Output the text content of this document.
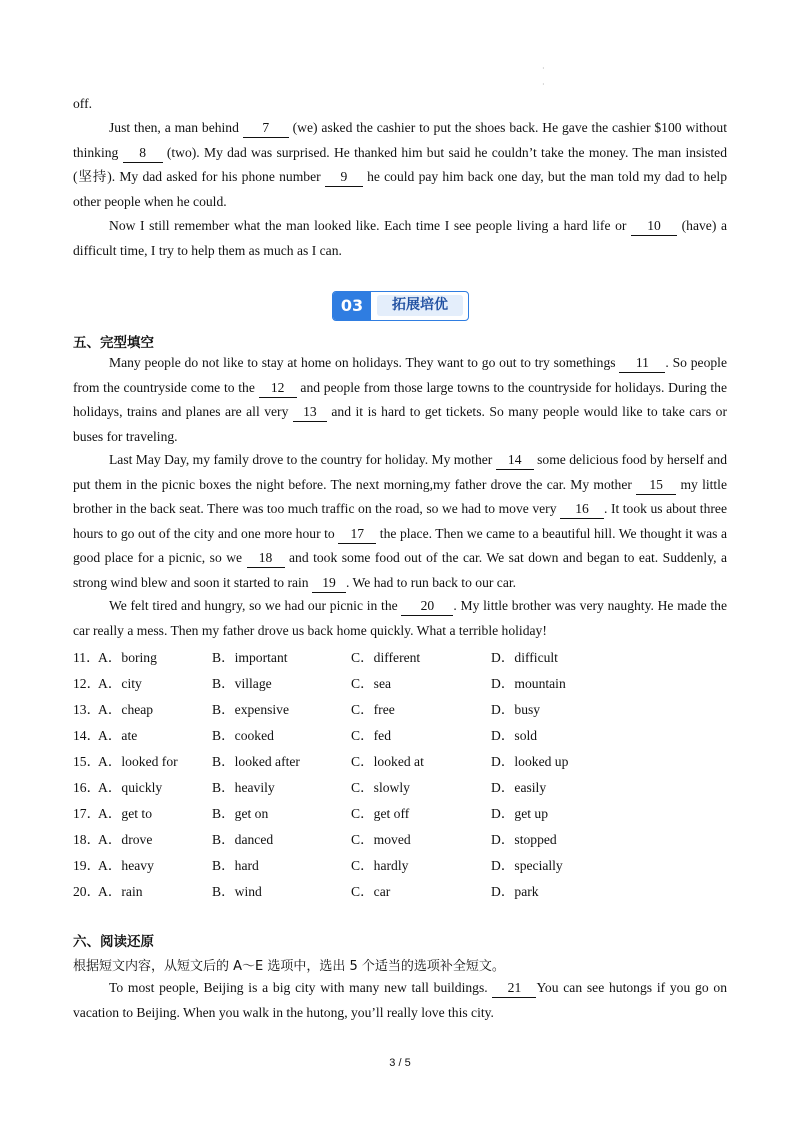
·
·

off.

Just then, a man behind 7 (we) asked the cashier to put the shoes back. He gave the cashier $100 without thinking 8 (two). My dad was surprised. He thanked him but said he couldn’t take the money. The man insisted (坚持). My dad asked for his phone number 9 he could pay him back one day, but the man told my dad to help other people when he could.

Now I still remember what the man looked like. Each time I see people living a hard life or 10 (have) a difficult time, I try to help them as much as I can.

03	拓展培优

五、完型填空

Many people do not like to stay at home on holidays. They want to go out to try somethings 11 . So people from the countryside come to the 12 and people from those large towns to the countryside for holidays. During the holidays, trains and planes are all very 13 and it is hard to get tickets. So many people would like to take cars or buses for traveling.

Last May Day, my family drove to the country for holiday. My mother 14 some delicious food by herself and put them in the picnic boxes the night before. The next morning,my father drove the car. My mother 15 my little brother in the back seat. There was too much traffic on the road, so we had to move very 16 . It took us about three hours to go out of the city and one more hour to 17 the place. Then we came to a beautiful hill. We thought it was a good place for a picnic, so we 18 and took some food out of the car. We sat down and began to eat. Suddenly, a strong wind blew and soon it started to rain 19 . We had to run back to our car.

We felt tired and hungry, so we had our picnic in the 20 . My little brother was very naughty. He made the car really a mess. Then my father drove us back home quickly. What a terrible holiday!

11．
A．boring	B．important	C．different	D．difficult
12．
A．city	B．village	C．sea	D．mountain
13．
A．cheap	B．expensive	C．free	D．busy
14．
A．ate	B．cooked	C．fed	D．sold
15．
A．looked for	B．looked after	C．looked at	D．looked up
16．
A．quickly	B．heavily	C．slowly	D．easily
17．
A．get to	B．get on	C．get off	D．get up
18．
A．drove	B．danced	C．moved	D．stopped
19．
A．heavy	B．hard	C．hardly	D．specially
20．
A．rain	B．wind	C．car	D．park

六、阅读还原

根据短文内容，从短文后的 A～E 选项中，选出 5 个适当的选项补全短文。

To most people, Beijing is a big city with many new tall buildings. 21 You can see hutongs if you go on vacation to Beijing. When you walk in the hutong, you’ll really love this city.

3 / 5
